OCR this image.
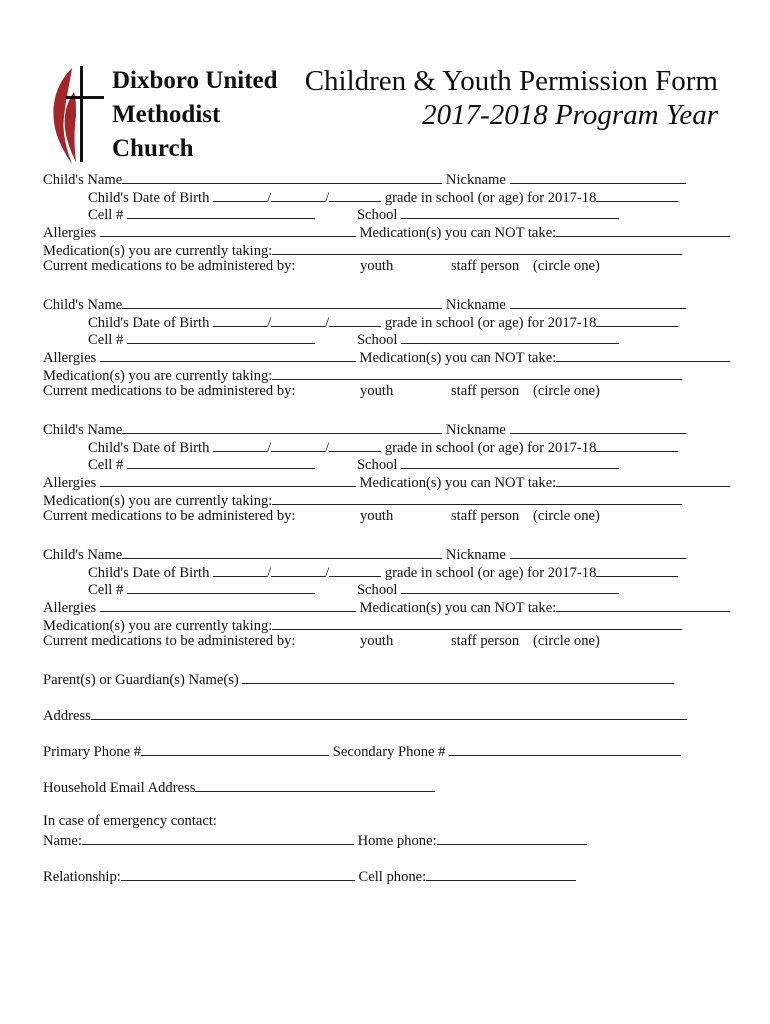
Dixboro United
Methodist
Church
Children & Youth Permission Form
2017-2018 Program Year
Child's Name	Nickname
Child's Date of Birth	/	/	grade in school (or age) for 2017-18
Cell #	School
Allergies	Medication(s) you can NOT take:
Medication(s) you are currently taking:
Current medications to be administered by:	youth	staff person (circle one)
Child's Name	Nickname
Child's Date of Birth	/	/	grade in school (or age) for 2017-18
Cell #	School
Allergies	Medication(s) you can NOT take:
Medication(s) you are currently taking:
Current medications to be administered by:	youth	staff person (circle one)
Child's Name	Nickname
Child's Date of Birth	/	/	grade in school (or age) for 2017-18
Cell #	School
Allergies	Medication(s) you can NOT take:
Medication(s) you are currently taking:
Current medications to be administered by:	youth	staff person (circle one)
Child's Name	Nickname
Child's Date of Birth	/	/	grade in school (or age) for 2017-18
Cell #	School
Allergies	Medication(s) you can NOT take:
Medication(s) you are currently taking:
Current medications to be administered by:	youth	staff person (circle one)
Parent(s) or Guardian(s) Name(s)
Address
Primary Phone #	Secondary Phone #
Household Email Address
In case of emergency contact:
Name:	Home phone:
Relationship:	Cell phone:
